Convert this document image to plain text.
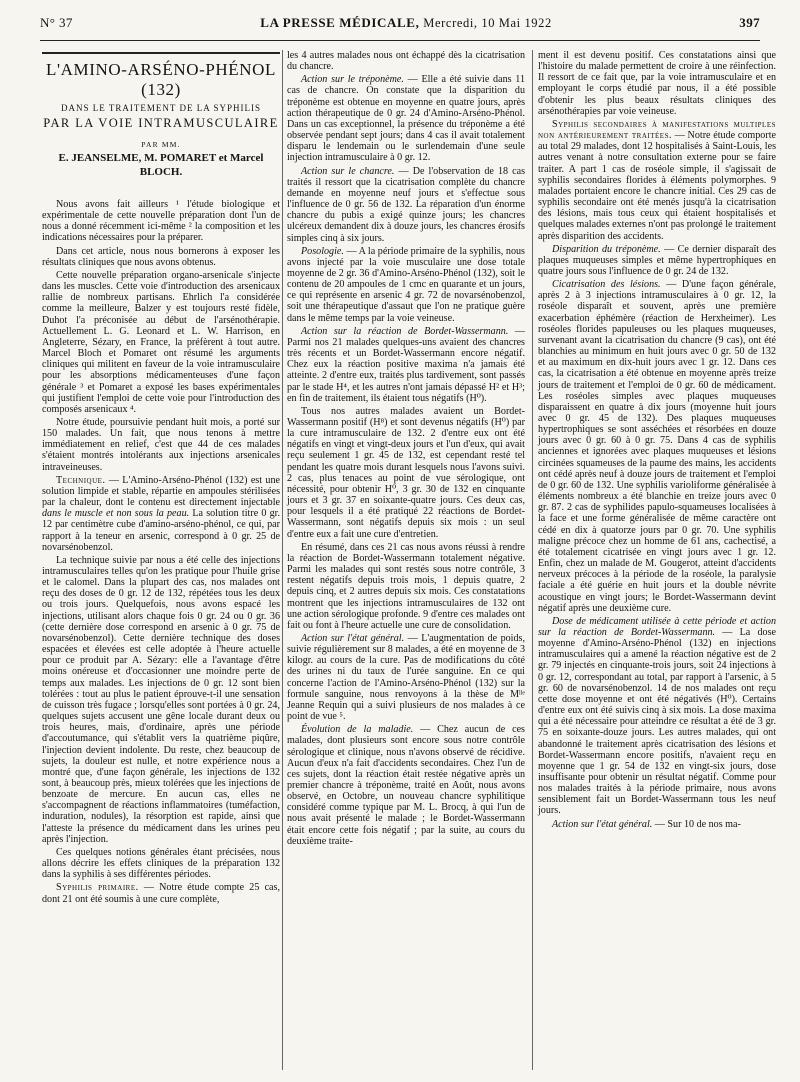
N° 37	LA PRESSE MÉDICALE, Mercredi, 10 Mai 1922	397
L'AMINO-ARSÉNO-PHÉNOL (132)
DANS LE TRAITEMENT DE LA SYPHILIS
PAR LA VOIE INTRAMUSCULAIRE
PAR MM.
E. JEANSELME, M. POMARET et Marcel BLOCH.

Nous avons fait ailleurs ¹ l'étude biologique et expérimentale de cette nouvelle préparation dont l'un de nous a donné récemment ici-même ² la composition et les indications nécessaires pour la préparer.

Dans cet article, nous nous bornerons à exposer les résultats cliniques que nous avons obtenus.

Cette nouvelle préparation organo-arsenicale s'injecte dans les muscles. Cette voie d'introduction des arsenicaux rallie de nombreux partisans. Ehrlich l'a considérée comme la meilleure, Balzer y est toujours resté fidèle, Duhot l'a préconisée au début de l'arsénothérapie. Actuellement L. G. Leonard et L. W. Harrison, en Angleterre, Sézary, en France, la préfèrent à tout autre. Marcel Bloch et Pomaret ont résumé les arguments cliniques qui militent en faveur de la voie intramusculaire pour les absorptions médicamenteuses d'une façon générale ³ et Pomaret a exposé les bases expérimentales qui justifient l'emploi de cette voie pour l'introduction des composés arsenicaux ⁴.

Notre étude, poursuivie pendant huit mois, a porté sur 150 malades. Un fait, que nous tenons à mettre immédiatement en relief, c'est que 44 de ces malades s'étaient montrés intolérants aux injections arsenicales intraveineuses.

Technique. — L'Amino-Arséno-Phénol (132) est une solution limpide et stable, répartie en ampoules stérilisées par la chaleur, dont le contenu est directement injectable dans le muscle et non sous la peau. La solution titre 0 gr. 12 par centimètre cube d'amino-arséno-phénol, ce qui, par rapport à la teneur en arsenic, correspond à 0 gr. 25 de novarsénobenzol.

La technique suivie par nous a été celle des injections intramusculaires telles qu'on les pratique pour l'huile grise et le calomel. Dans la plupart des cas, nos malades ont reçu des doses de 0 gr. 12 de 132, répétées tous les deux ou trois jours. Quelquefois, nous avons espacé les injections, utilisant alors chaque fois 0 gr. 24 ou 0 gr. 36 (cette dernière dose correspond en arsenic à 0 gr. 75 de novarsénobenzol). Cette dernière technique des doses espacées et élevées est celle adoptée à l'heure actuelle pour ce produit par A. Sézary: elle a l'avantage d'être moins onéreuse et d'occasionner une moindre perte de temps aux malades. Les injections de 0 gr. 12 sont bien tolérées : tout au plus le patient éprouve-t-il une sensation de cuisson très fugace ; lorsqu'elles sont portées à 0 gr. 24, quelques sujets accusent une gêne locale durant deux ou trois heures, mais, d'ordinaire, après une période d'accoutumance, qui s'établit vers la quatrième piqûre, l'injection devient indolente. Du reste, chez beaucoup de sujets, la douleur est nulle, et notre expérience nous a montré que, d'une façon générale, les injections de 132 sont, à beaucoup près, mieux tolérées que les injections de benzoate de mercure. En aucun cas, elles ne s'accompagnent de réactions inflammatoires (tuméfaction, induration, nodules), la résorption est rapide, ainsi que l'atteste la présence du médicament dans les urines peu après l'injection.

Ces quelques notions générales étant précisées, nous allons décrire les effets cliniques de la préparation 132 dans la syphilis à ses différentes périodes.

Syphilis primaire. — Notre étude compte 25 cas, dont 21 ont été soumis à une cure complète,

les 4 autres malades nous ont échappé dès la cicatrisation du chancre.

Action sur le tréponème. — Elle a été suivie dans 11 cas de chancre. On constate que la disparition du tréponème est obtenue en moyenne en quatre jours, après action thérapeutique de 0 gr. 24 d'Amino-Arséno-Phénol. Dans un cas exceptionnel, la présence du tréponème a été observée pendant sept jours; dans 4 cas il avait totalement disparu le lendemain ou le surlendemain d'une seule injection intramusculaire à 0 gr. 12.

Action sur le chancre. — De l'observation de 18 cas traités il ressort que la cicatrisation complète du chancre demande en moyenne neuf jours et s'effectue sous l'influence de 0 gr. 56 de 132. La réparation d'un énorme chancre du pubis a exigé quinze jours; les chancres ulcéreux demandent dix à douze jours, les chancres érosifs simples cinq à six jours.

Posologie. — A la période primaire de la syphilis, nous avons injecté par la voie musculaire une dose totale moyenne de 2 gr. 36 d'Amino-Arséno-Phénol (132), soit le contenu de 20 ampoules de 1 cmc en quarante et un jours, ce qui représente en arsenic 4 gr. 72 de novarsénobenzol, soit une thérapeutique d'assaut que l'on ne pratique guère dans le même temps par la voie veineuse.

Action sur la réaction de Bordet-Wassermann. — Parmi nos 21 malades quelques-uns avaient des chancres très récents et un Bordet-Wassermann encore négatif. Chez eux la réaction positive maxima n'a jamais été atteinte. 2 d'entre eux, traités plus tardivement, sont passés par le stade H⁴, et les autres n'ont jamais dépassé H² et H³; en fin de traitement, ils étaient tous négatifs (H⁰).

Tous nos autres malades avaient un Bordet-Wassermann positif (H⁸) et sont devenus négatifs (H⁰) par la cure intramusculaire de 132. 2 d'entre eux ont été négatifs en vingt et vingt-deux jours et l'un d'eux, qui avait reçu seulement 1 gr. 45 de 132, est cependant resté tel pendant les quatre mois durant lesquels nous l'avons suivi. 2 cas, plus tenaces au point de vue sérologique, ont nécessité, pour obtenir H⁰, 3 gr. 30 de 132 en cinquante jours et 3 gr. 37 en soixante-quatre jours. Ces deux cas, pour lesquels il a été pratiqué 22 réactions de Bordet-Wassermann, sont négatifs depuis six mois : un seul d'entre eux a fait une cure d'entretien.

En résumé, dans ces 21 cas nous avons réussi à rendre la réaction de Bordet-Wassermann totalement négative. Parmi les malades qui sont restés sous notre contrôle, 3 restent négatifs depuis trois mois, 1 depuis quatre, 2 depuis cinq, et 2 autres depuis six mois. Ces constatations montrent que les injections intramusculaires de 132 ont une action sérologique profonde. 9 d'entre ces malades ont fait ou font à l'heure actuelle une cure de consolidation.

Action sur l'état général. — L'augmentation de poids, suivie régulièrement sur 8 malades, a été en moyenne de 3 kilogr. au cours de la cure. Pas de modifications du côté des urines ni du taux de l'urée sanguine. En ce qui concerne l'action de l'Amino-Arséno-Phénol (132) sur la formule sanguine, nous renvoyons à la thèse de Mˡˡᵉ Jeanne Requin qui a suivi plusieurs de nos malades à ce point de vue ⁵.

Évolution de la maladie. — Chez aucun de ces malades, dont plusieurs sont encore sous notre contrôle sérologique et clinique, nous n'avons observé de récidive. Aucun d'eux n'a fait d'accidents secondaires. Chez l'un de ces sujets, dont la réaction était restée négative après un premier chancre à tréponème, traité en Août, nous avons observé, en Octobre, un nouveau chancre syphilitique considéré comme typique par M. L. Brocq, à qui l'un de nous avait présenté le malade ; le Bordet-Wassermann était encore cette fois négatif ; par la suite, au cours du deuxième traite-

ment il est devenu positif. Ces constatations ainsi que l'histoire du malade permettent de croire à une réinfection. Il ressort de ce fait que, par la voie intramusculaire et en employant le corps étudié par nous, il a été possible d'obtenir les plus beaux résultats cliniques des arsénothérapies par voie veineuse.

Syphilis secondaires à manifestations multiples non antérieurement traitées. — Notre étude comporte au total 29 malades, dont 12 hospitalisés à Saint-Louis, les autres venant à notre consultation externe pour se faire traiter. A part 1 cas de roséole simple, il s'agissait de syphilis secondaires florides à éléments polymorphes. 9 malades portaient encore le chancre initial. Ces 29 cas de syphilis secondaire ont été menés jusqu'à la cicatrisation des lésions, mais tous ceux qui étaient hospitalisés et quelques malades externes n'ont pas prolongé le traitement après disparition des accidents.

Disparition du tréponème. — Ce dernier disparaît des plaques muqueuses simples et même hypertrophiques en quatre jours sous l'influence de 0 gr. 24 de 132.

Cicatrisation des lésions. — D'une façon générale, après 2 à 3 injections intramusculaires à 0 gr. 12, la roséole disparaît et souvent, après une première exacerbation éphémère (réaction de Herxheimer). Les roséoles florides papuleuses ou les plaques muqueuses, survenant avant la cicatrisation du chancre (9 cas), ont été blanchies au minimum en huit jours avec 0 gr. 50 de 132 et au maximum en dix-huit jours avec 1 gr. 12. Dans ces cas, la cicatrisation a été obtenue en moyenne après treize jours de traitement et l'emploi de 0 gr. 60 de médicament. Les roséoles simples avec plaques muqueuses disparaissent en quatre à dix jours (moyenne huit jours avec 0 gr. 45 de 132). Des plaques muqueuses hypertrophiques se sont asséchées et résorbées en douze jours avec 0 gr. 60 à 0 gr. 75. Dans 4 cas de syphilis anciennes et ignorées avec plaques muqueuses et lésions circinées squameuses de la paume des mains, les accidents ont cédé après neuf à douze jours de traitement et l'emploi de 0 gr. 60 de 132. Une syphilis varioliforme généralisée à éléments nombreux a été blanchie en treize jours avec 0 gr. 87. 2 cas de syphilides papulo-squameuses localisées à la face et une forme généralisée de même caractère ont cédé en dix à quatorze jours par 0 gr. 70. Une syphilis maligne précoce chez un homme de 61 ans, cachectisé, a été totalement cicatrisée en vingt jours avec 1 gr. 12. Enfin, chez un malade de M. Gougerot, atteint d'accidents nerveux précoces à la période de la roséole, la paralysie faciale a été guérie en huit jours et la double névrite acoustique en vingt jours; le Bordet-Wassermann devint négatif après une deuxième cure.

Dose de médicament utilisée à cette période et action sur la réaction de Bordet-Wassermann. — La dose moyenne d'Amino-Arséno-Phénol (132) en injections intramusculaires qui a amené la réaction négative est de 2 gr. 79 injectés en cinquante-trois jours, soit 24 injections à 0 gr. 12, correspondant au total, par rapport à l'arsenic, à 5 gr. 60 de novarsénobenzol. 14 de nos malades ont reçu cette dose moyenne et ont été négativés (H⁰). Certains d'entre eux ont été suivis cinq à six mois. La dose maxima qui a été nécessaire pour atteindre ce résultat a été de 3 gr. 75 en soixante-douze jours. Les autres malades, qui ont abandonné le traitement après cicatrisation des lésions et Bordet-Wassermann encore positifs, n'avaient reçu en moyenne que 1 gr. 54 de 132 en vingt-six jours, dose insuffisante pour obtenir un résultat négatif. Comme pour nos malades traités à la période primaire, nous avons sensiblement fait un Bordet-Wassermann tous les neuf jours.

Action sur l'état général. — Sur 10 de nos ma-
